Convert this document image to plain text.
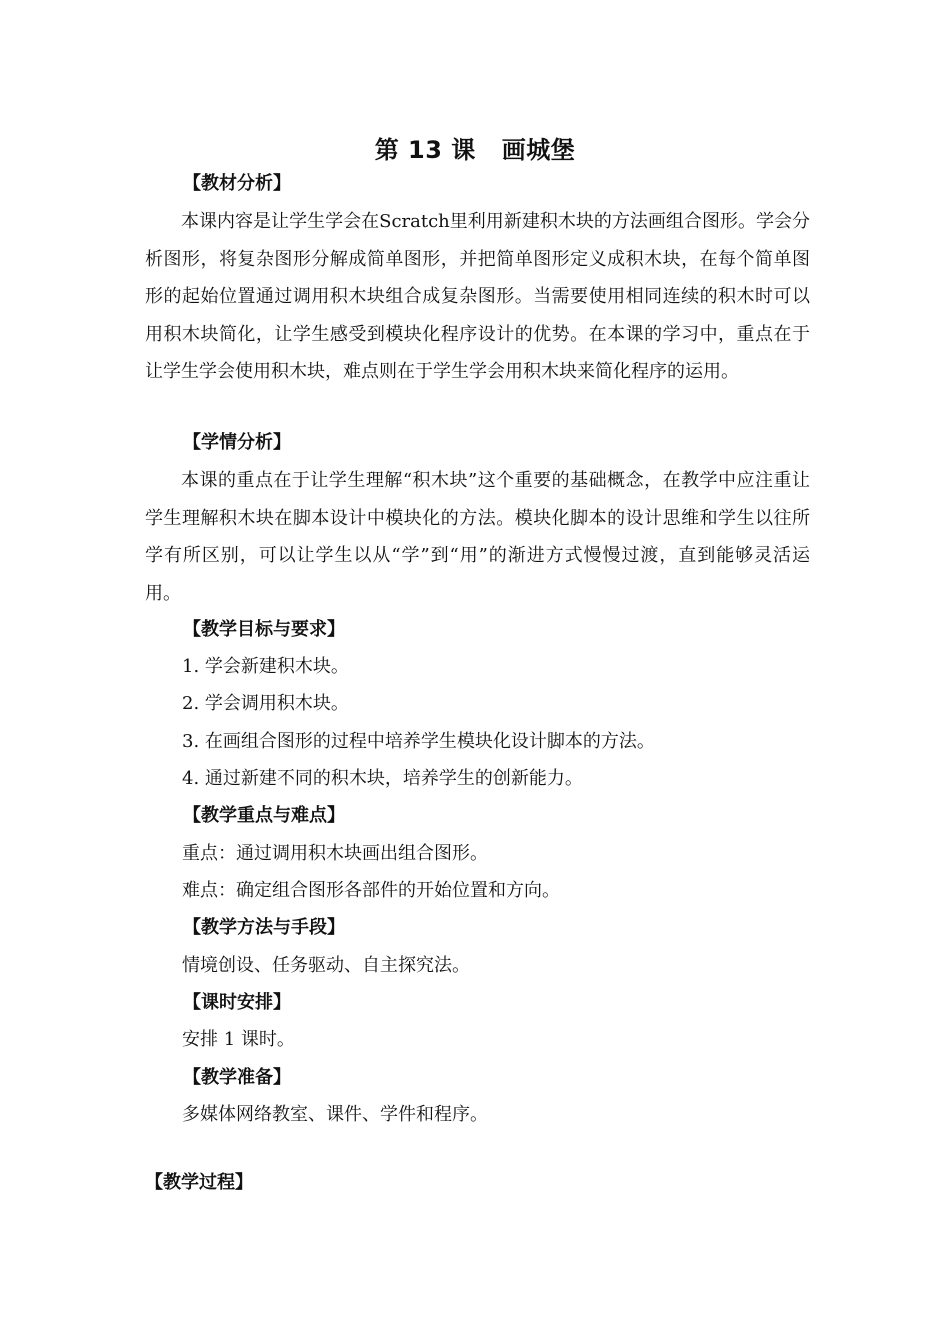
第 13 课 画城堡
【教材分析】

本课内容是让学生学会在Scratch里利用新建积木块的方法画组合图形。学会分析图形，将复杂图形分解成简单图形，并把简单图形定义成积木块，在每个简单图形的起始位置通过调用积木块组合成复杂图形。当需要使用相同连续的积木时可以用积木块简化，让学生感受到模块化程序设计的优势。在本课的学习中，重点在于让学生学会使用积木块，难点则在于学生学会用积木块来简化程序的运用。

【学情分析】

本课的重点在于让学生理解“积木块”这个重要的基础概念，在教学中应注重让学生理解积木块在脚本设计中模块化的方法。模块化脚本的设计思维和学生以往所学有所区别，可以让学生以从“学”到“用”的渐进方式慢慢过渡，直到能够灵活运用。

【教学目标与要求】

1. 学会新建积木块。

2. 学会调用积木块。

3. 在画组合图形的过程中培养学生模块化设计脚本的方法。

4. 通过新建不同的积木块，培养学生的创新能力。

【教学重点与难点】

重点：通过调用积木块画出组合图形。

难点：确定组合图形各部件的开始位置和方向。

【教学方法与手段】

情境创设、任务驱动、自主探究法。

【课时安排】

安排 1 课时。

【教学准备】

多媒体网络教室、课件、学件和程序。

【教学过程】
